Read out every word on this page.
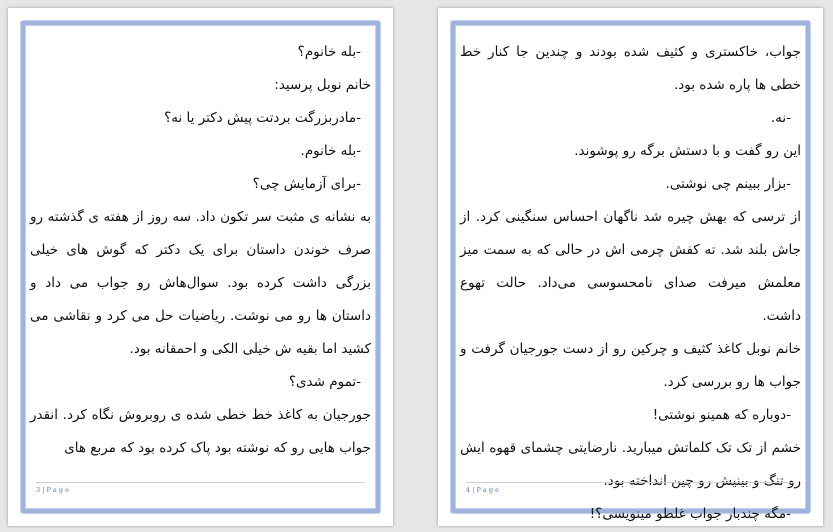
-بله خانوم؟

خانم نوبل پرسید:

-مادربزرگت بردتت پیش دکتر یا نه؟

-بله خانوم.

-برای آزمایش چی؟

به نشانه ی مثبت سر تکون داد. سه روز از هفته ی گذشته رو صرف خوندن داستان برای یک دکتر که گوش های خیلی بزرگی داشت کرده بود. سوال‌هاش رو جواب می داد و داستان ها رو می نوشت. ریاضیات حل می کرد و نقاشی می کشید اما بقیه ش خیلی الکی و احمقانه بود.

-تموم شدی؟

جورجیان به کاغذ خط خطی شده ی روبروش نگاه کرد. انقدر جواب هایی رو که نوشته بود پاک کرده بود که مربع های

3 | P a g e

جواب، خاکستری و کثیف شده بودند و چندین جا کنار خط خطی ها پاره شده بود.

-نه.

این رو گفت و با دستش برگه رو پوشوند.

-بزار ببینم چی نوشتی.

از ترسی که بهش چیره شد ناگهان احساس سنگینی کرد. از جاش بلند شد. ته کفش چرمی اش در حالی که به سمت میز معلمش میرفت صدای نامحسوسی می‌داد. حالت تهوع داشت.

خانم نوبل کاغذ کثیف و چرکین رو از دست جورجیان گرفت و جواب ها رو بررسی کرد.

-دوباره که همینو نوشتی!

خشم از تک تک کلماتش میبارید. نارضایتی چشمای قهوه ایش رو تنگ و بینیش رو چین انداخته بود.

-مگه چندبار جواب غلطو مینویسی؟!

4 | P a g e
